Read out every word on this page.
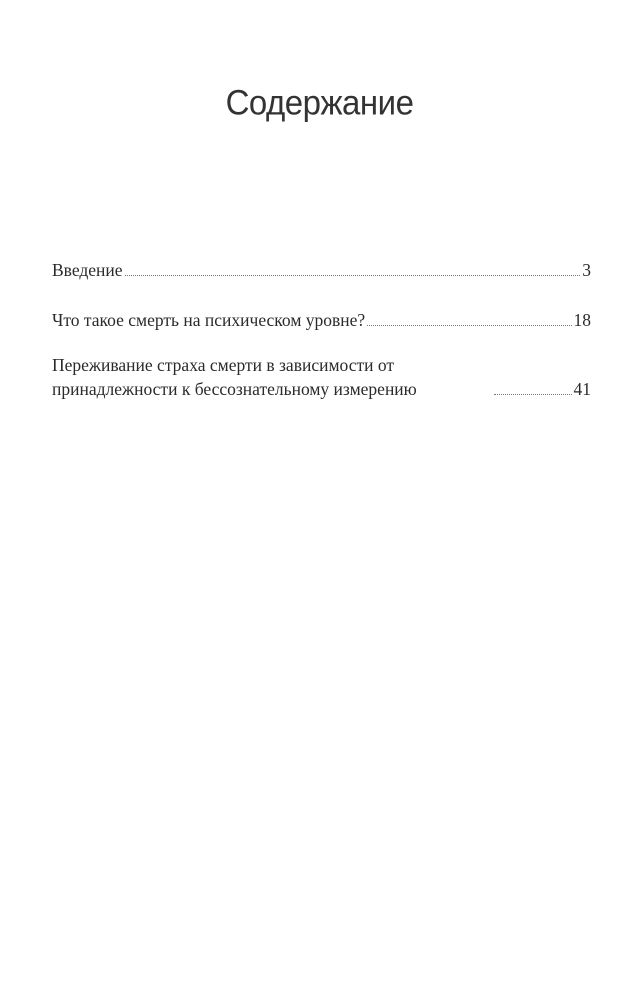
Содержание
Введение	3
Что такое смерть на психическом уровне?	18
Переживание страха смерти в зависимости от принадлежности к бессознательному измерению	41
